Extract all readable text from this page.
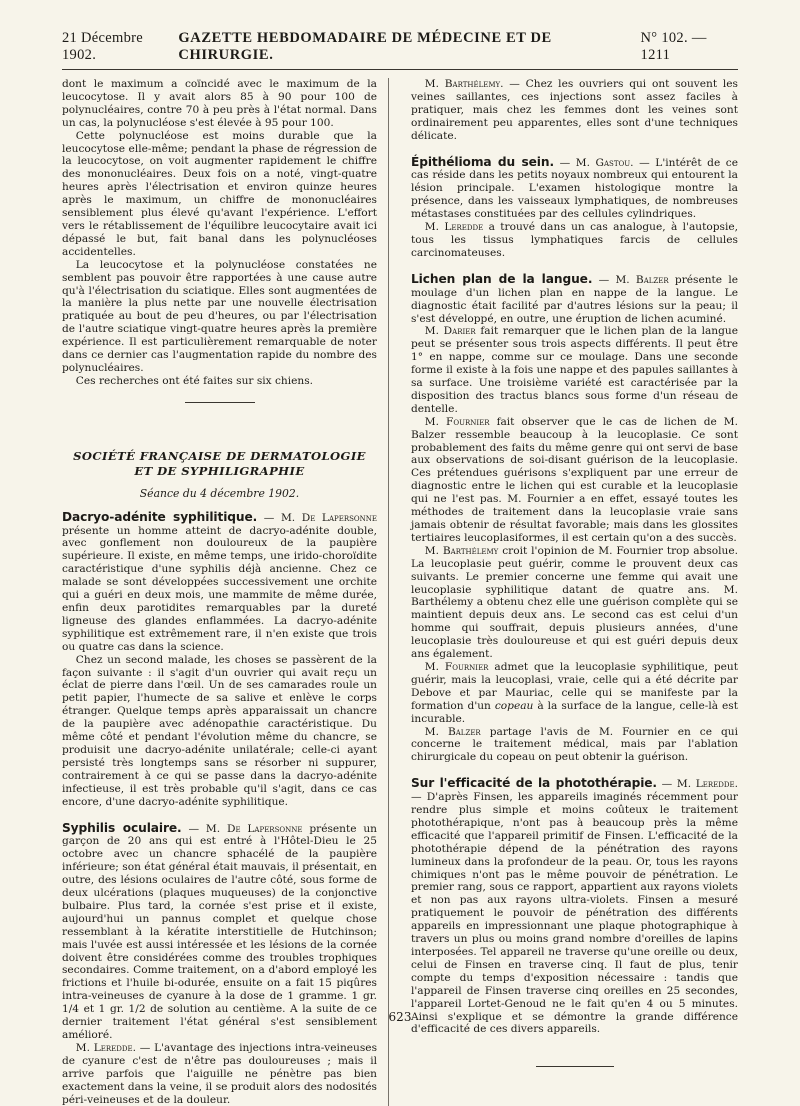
21 Décembre 1902.
GAZETTE HEBDOMADAIRE DE MÉDECINE ET DE CHIRURGIE.
N° 102. — 1211

dont le maximum a coïncidé avec le maximum de la leucocytose. Il y avait alors 85 à 90 pour 100 de polynucléaires, contre 70 à peu près à l'état normal. Dans un cas, la polynucléose s'est élevée à 95 pour 100.

Cette polynucléose est moins durable que la leucocytose elle-même; pendant la phase de régression de la leucocytose, on voit augmenter rapidement le chiffre des mononucléaires. Deux fois on a noté, vingt-quatre heures après l'électrisation et environ quinze heures après le maximum, un chiffre de mononucléaires sensiblement plus élevé qu'avant l'expérience. L'effort vers le rétablissement de l'équilibre leucocytaire avait ici dépassé le but, fait banal dans les polynucléoses accidentelles.

La leucocytose et la polynucléose constatées ne semblent pas pouvoir être rapportées à une cause autre qu'à l'électrisation du sciatique. Elles sont augmentées de la manière la plus nette par une nouvelle électrisation pratiquée au bout de peu d'heures, ou par l'électrisation de l'autre sciatique vingt-quatre heures après la première expérience. Il est particulièrement remarquable de noter dans ce dernier cas l'augmentation rapide du nombre des polynucléaires.

Ces recherches ont été faites sur six chiens.

SOCIÉTÉ FRANÇAISE DE DERMATOLOGIE
ET DE SYPHILIGRAPHIE
Séance du 4 décembre 1902.

Dacryo-adénite syphilitique. — M. De Lapersonne présente un homme atteint de dacryo-adénite double, avec gonflement non douloureux de la paupière supérieure. Il existe, en même temps, une irido-choroïdite caractéristique d'une syphilis déjà ancienne. Chez ce malade se sont développées successivement une orchite qui a guéri en deux mois, une mammite de même durée, enfin deux parotidites remarquables par la dureté ligneuse des glandes enflammées. La dacryo-adénite syphilitique est extrêmement rare, il n'en existe que trois ou quatre cas dans la science.

Chez un second malade, les choses se passèrent de la façon suivante : il s'agit d'un ouvrier qui avait reçu un éclat de pierre dans l'œil. Un de ses camarades roule un petit papier, l'humecte de sa salive et enlève le corps étranger. Quelque temps après apparaissait un chancre de la paupière avec adénopathie caractéristique. Du même côté et pendant l'évolution même du chancre, se produisit une dacryo-adénite unilatérale; celle-ci ayant persisté très longtemps sans se résorber ni suppurer, contrairement à ce qui se passe dans la dacryo-adénite infectieuse, il est très probable qu'il s'agit, dans ce cas encore, d'une dacryo-adénite syphilitique.

Syphilis oculaire. — M. De Lapersonne présente un garçon de 20 ans qui est entré à l'Hôtel-Dieu le 25 octobre avec un chancre sphacélé de la paupière inférieure; son état général était mauvais, il présentait, en outre, des lésions oculaires de l'autre côté, sous forme de deux ulcérations (plaques muqueuses) de la conjonctive bulbaire. Plus tard, la cornée s'est prise et il existe, aujourd'hui un pannus complet et quelque chose ressemblant à la kératite interstitielle de Hutchinson; mais l'uvée est aussi intéressée et les lésions de la cornée doivent être considérées comme des troubles trophiques secondaires. Comme traitement, on a d'abord employé les frictions et l'huile bi-odurée, ensuite on a fait 15 piqûres intra-veineuses de cyanure à la dose de 1 gramme. 1 gr. 1/4 et 1 gr. 1/2 de solution au centième. A la suite de ce dernier traitement l'état général s'est sensiblement amélioré.

M. Leredde. — L'avantage des injections intra-veineuses de cyanure c'est de n'être pas douloureuses ; mais il arrive parfois que l'aiguille ne pénètre pas bien exactement dans la veine, il se produit alors des nodosités péri-veineuses et de la douleur.

M. Barthélemy. — Chez les ouvriers qui ont souvent les veines saillantes, ces injections sont assez faciles à pratiquer, mais chez les femmes dont les veines sont ordinairement peu apparentes, elles sont d'une techniques délicate.

Épithélioma du sein. — M. Gastou. — L'intérêt de ce cas réside dans les petits noyaux nombreux qui entourent la lésion principale. L'examen histologique montre la présence, dans les vaisseaux lymphatiques, de nombreuses métastases constituées par des cellules cylindriques.

M. Leredde a trouvé dans un cas analogue, à l'autopsie, tous les tissus lymphatiques farcis de cellules carcinomateuses.

Lichen plan de la langue. — M. Balzer présente le moulage d'un lichen plan en nappe de la langue. Le diagnostic était facilité par d'autres lésions sur la peau; il s'est développé, en outre, une éruption de lichen acuminé.

M. Darier fait remarquer que le lichen plan de la langue peut se présenter sous trois aspects différents. Il peut être 1° en nappe, comme sur ce moulage. Dans une seconde forme il existe à la fois une nappe et des papules saillantes à sa surface. Une troisième variété est caractérisée par la disposition des tractus blancs sous forme d'un réseau de dentelle.

M. Fournier fait observer que le cas de lichen de M. Balzer ressemble beaucoup à la leucoplasie. Ce sont probablement des faits du même genre qui ont servi de base aux observations de soi-disant guérison de la leucoplasie. Ces prétendues guérisons s'expliquent par une erreur de diagnostic entre le lichen qui est curable et la leucoplasie qui ne l'est pas. M. Fournier a en effet, essayé toutes les méthodes de traitement dans la leucoplasie vraie sans jamais obtenir de résultat favorable; mais dans les glossites tertiaires leucoplasiformes, il est certain qu'on a des succès.

M. Barthélemy croit l'opinion de M. Fournier trop absolue. La leucoplasie peut guérir, comme le prouvent deux cas suivants. Le premier concerne une femme qui avait une leucoplasie syphilitique datant de quatre ans. M. Barthélemy a obtenu chez elle une guérison complète qui se maintient depuis deux ans. Le second cas est celui d'un homme qui souffrait, depuis plusieurs années, d'une leucoplasie très douloureuse et qui est guéri depuis deux ans également.

M. Fournier admet que la leucoplasie syphilitique, peut guérir, mais la leucoplasi, vraie, celle qui a été décrite par Debove et par Mauriac, celle qui se manifeste par la formation d'un copeau à la surface de la langue, celle-là est incurable.

M. Balzer partage l'avis de M. Fournier en ce qui concerne le traitement médical, mais par l'ablation chirurgicale du copeau on peut obtenir la guérison.

Sur l'efficacité de la photothérapie. — M. Leredde. — D'après Finsen, les appareils imaginés récemment pour rendre plus simple et moins coûteux le traitement photothérapique, n'ont pas à beaucoup près la même efficacité que l'appareil primitif de Finsen. L'efficacité de la photothérapie dépend de la pénétration des rayons lumineux dans la profondeur de la peau. Or, tous les rayons chimiques n'ont pas le même pouvoir de pénétration. Le premier rang, sous ce rapport, appartient aux rayons violets et non pas aux rayons ultra-violets. Finsen a mesuré pratiquement le pouvoir de pénétration des différents appareils en impressionnant une plaque photographique à travers un plus ou moins grand nombre d'oreilles de lapins interposées. Tel appareil ne traverse qu'une oreille ou deux, celui de Finsen en traverse cinq. Il faut de plus, tenir compte du temps d'exposition nécessaire : tandis que l'appareil de Finsen traverse cinq oreilles en 25 secondes, l'appareil Lortet-Genoud ne le fait qu'en 4 ou 5 minutes. Ainsi s'explique et se démontre la grande différence d'efficacité de ces divers appareils.

623
